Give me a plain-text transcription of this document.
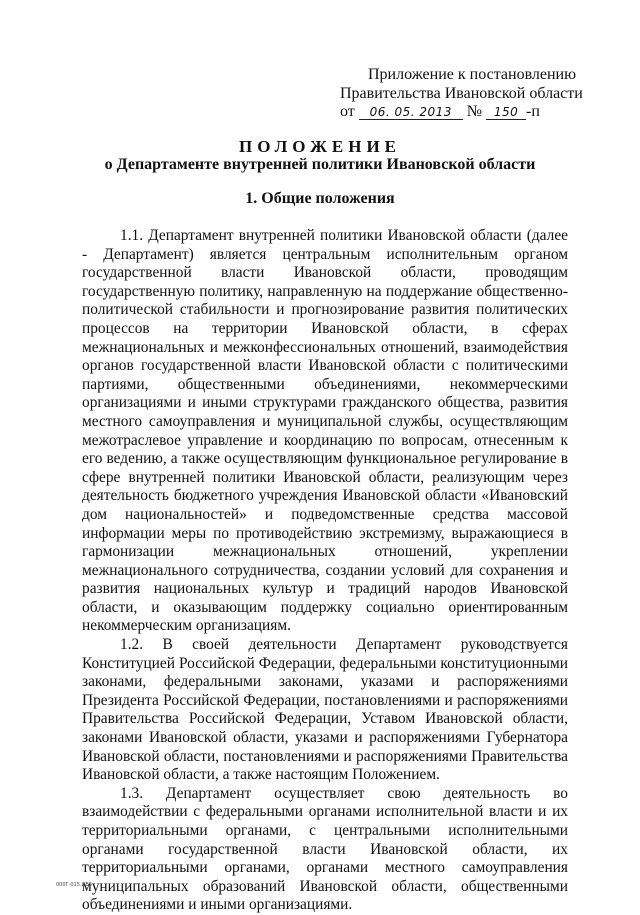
Приложение к постановлению
Правительства Ивановской области
от 06. 05. 2013 № 150 -п
ПОЛОЖЕНИЕ
о Департаменте внутренней политики Ивановской области
1. Общие положения

1.1. Департамент внутренней политики Ивановской области (далее - Департамент) является центральным исполнительным органом государственной власти Ивановской области, проводящим государственную политику, направленную на поддержание общественно-политической стабильности и прогнозирование развития политических процессов на территории Ивановской области, в сферах межнациональных и межконфессиональных отношений, взаимодействия органов государственной власти Ивановской области с политическими партиями, общественными объединениями, некоммерческими организациями и иными структурами гражданского общества, развития местного самоуправления и муниципальной службы, осуществляющим межотраслевое управление и координацию по вопросам, отнесенным к его ведению, а также осуществляющим функциональное регулирование в сфере внутренней политики Ивановской области, реализующим через деятельность бюджетного учреждения Ивановской области «Ивановский дом национальностей» и подведомственные средства массовой информации меры по противодействию экстремизму, выражающиеся в гармонизации межнациональных отношений, укреплении межнационального сотрудничества, создании условий для сохранения и развития национальных культур и традиций народов Ивановской области, и оказывающим поддержку социально ориентированным некоммерческим организациям.

1.2. В своей деятельности Департамент руководствуется Конституцией Российской Федерации, федеральными конституционными законами, федеральными законами, указами и распоряжениями Президента Российской Федерации, постановлениями и распоряжениями Правительства Российской Федерации, Уставом Ивановской области, законами Ивановской области, указами и распоряжениями Губернатора Ивановской области, постановлениями и распоряжениями Правительства Ивановской области, а также настоящим Положением.

1.3. Департамент осуществляет свою деятельность во взаимодействии с федеральными органами исполнительной власти и их территориальными органами, с центральными исполнительными органами государственной власти Ивановской области, их территориальными органами, органами местного самоуправления муниципальных образований Ивановской области, общественными объединениями и иными организациями.

000Г-015.ДВ5
